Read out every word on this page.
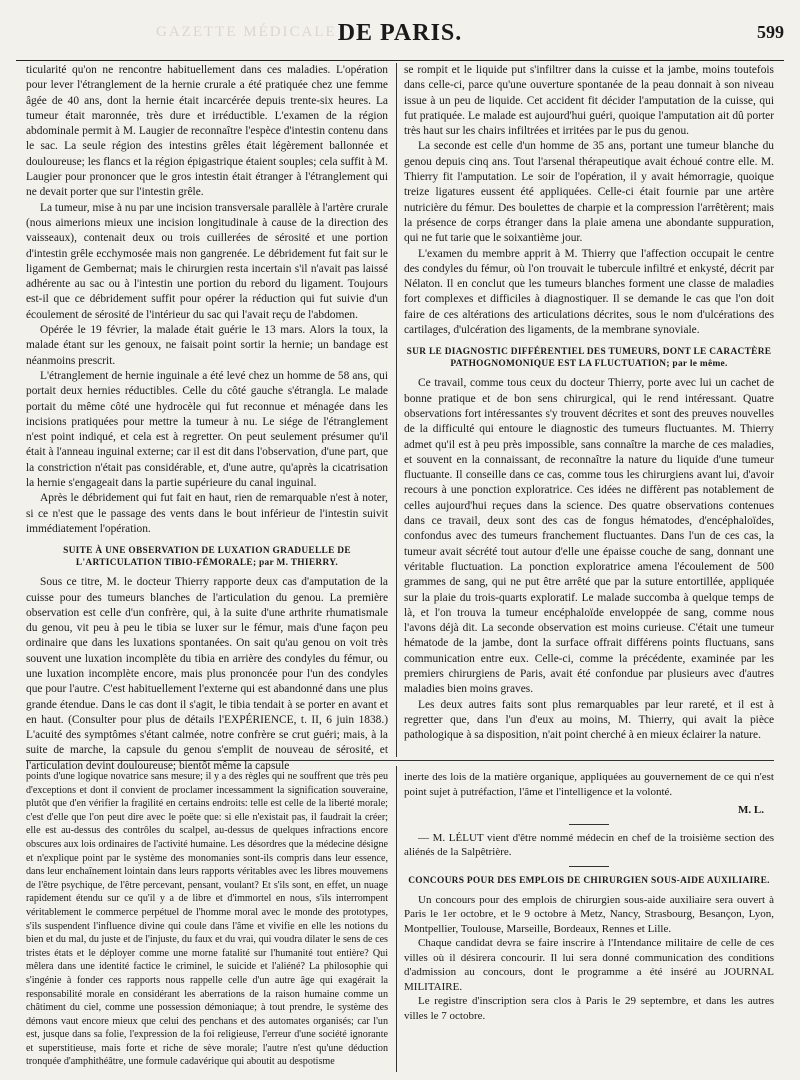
GAZETTE MÉDICALE DE PARIS.	599

ticularité qu'on ne rencontre habituellement dans ces maladies. L'opération pour lever l'étranglement de la hernie crurale a été pratiquée chez une femme âgée de 40 ans, dont la hernie était incarcérée depuis trente-six heures. La tumeur était maronnée, très dure et irréductible. L'examen de la région abdominale permit à M. Laugier de reconnaître l'espèce d'intestin contenu dans le sac. La seule région des intestins grêles était légèrement ballonnée et douloureuse; les flancs et la région épigastrique étaient souples; cela suffit à M. Laugier pour prononcer que le gros intestin était étranger à l'étranglement qui ne devait porter que sur l'intestin grêle.

La tumeur, mise à nu par une incision transversale parallèle à l'artère crurale (nous aimerions mieux une incision longitudinale à cause de la direction des vaisseaux), contenait deux ou trois cuillerées de sérosité et une portion d'intestin grêle ecchymosée mais non gangrenée. Le débridement fut fait sur le ligament de Gembernat; mais le chirurgien resta incertain s'il n'avait pas laissé adhérente au sac ou à l'intestin une portion du rebord du ligament. Toujours est-il que ce débridement suffit pour opérer la réduction qui fut suivie d'un écoulement de sérosité de l'intérieur du sac qui l'avait reçu de l'abdomen.

Opérée le 19 février, la malade était guérie le 13 mars. Alors la toux, la malade étant sur les genoux, ne faisait point sortir la hernie; un bandage est néanmoins prescrit.

L'étranglement de hernie inguinale a été levé chez un homme de 58 ans, qui portait deux hernies réductibles. Celle du côté gauche s'étrangla. Le malade portait du même côté une hydrocèle qui fut reconnue et ménagée dans les incisions pratiquées pour mettre la tumeur à nu. Le siége de l'étranglement n'est point indiqué, et cela est à regretter. On peut seulement présumer qu'il était à l'anneau inguinal externe; car il est dit dans l'observation, d'une part, que la constriction n'était pas considérable, et, d'une autre, qu'après la cicatrisation la hernie s'engageait dans la partie supérieure du canal inguinal.

Après le débridement qui fut fait en haut, rien de remarquable n'est à noter, si ce n'est que le passage des vents dans le bout inférieur de l'intestin suivit immédiatement l'opération.

SUITE À UNE OBSERVATION DE LUXATION GRADUELLE DE L'ARTICULATION TIBIO-FÉMORALE; par M. THIERRY.

Sous ce titre, M. le docteur Thierry rapporte deux cas d'amputation de la cuisse pour des tumeurs blanches de l'articulation du genou. La première observation est celle d'un confrère, qui, à la suite d'une arthrite rhumatismale du genou, vit peu à peu le tibia se luxer sur le fémur, mais d'une façon peu ordinaire que dans les luxations spontanées. On sait qu'au genou on voit très souvent une luxation incomplète du tibia en arrière des condyles du fémur, ou une luxation incomplète encore, mais plus prononcée pour l'un des condyles que pour l'autre. C'est habituellement l'externe qui est abandonné dans une plus grande étendue. Dans le cas dont il s'agit, le tibia tendait à se porter en avant et en haut. (Consulter pour plus de détails l'EXPÉRIENCE, t. II, 6 juin 1838.) L'acuité des symptômes s'étant calmée, notre confrère se crut guéri; mais, à la suite de marche, la capsule du genou s'emplit de nouveau de sérosité, et l'articulation devint douloureuse; bientôt même la capsule

se rompit et le liquide put s'infiltrer dans la cuisse et la jambe, moins toutefois dans celle-ci, parce qu'une ouverture spontanée de la peau donnait à son niveau issue à un peu de liquide. Cet accident fit décider l'amputation de la cuisse, qui fut pratiquée. Le malade est aujourd'hui guéri, quoique l'amputation ait dû porter très haut sur les chairs infiltrées et irritées par le pus du genou.

La seconde est celle d'un homme de 35 ans, portant une tumeur blanche du genou depuis cinq ans. Tout l'arsenal thérapeutique avait échoué contre elle. M. Thierry fit l'amputation. Le soir de l'opération, il y avait hémorragie, quoique treize ligatures eussent été appliquées. Celle-ci était fournie par une artère nutricière du fémur. Des boulettes de charpie et la compression l'arrêtèrent; mais la présence de corps étranger dans la plaie amena une abondante suppuration, qui ne fut tarie que le soixantième jour.

L'examen du membre apprit à M. Thierry que l'affection occupait le centre des condyles du fémur, où l'on trouvait le tubercule infiltré et enkysté, décrit par Nélaton. Il en conclut que les tumeurs blanches forment une classe de maladies fort complexes et difficiles à diagnostiquer. Il se demande le cas que l'on doit faire de ces altérations des articulations décrites, sous le nom d'ulcérations des cartilages, d'ulcération des ligaments, de la membrane synoviale.

SUR LE DIAGNOSTIC DIFFÉRENTIEL DES TUMEURS, DONT LE CARACTÈRE PATHOGNOMONIQUE EST LA FLUCTUATION; par le même.

Ce travail, comme tous ceux du docteur Thierry, porte avec lui un cachet de bonne pratique et de bon sens chirurgical, qui le rend intéressant. Quatre observations fort intéressantes s'y trouvent décrites et sont des preuves nouvelles de la difficulté qui entoure le diagnostic des tumeurs fluctuantes. M. Thierry admet qu'il est à peu près impossible, sans connaître la marche de ces maladies, et souvent en la connaissant, de reconnaître la nature du liquide d'une tumeur fluctuante. Il conseille dans ce cas, comme tous les chirurgiens avant lui, d'avoir recours à une ponction exploratrice. Ces idées ne diffèrent pas notablement de celles aujourd'hui reçues dans la science. Des quatre observations contenues dans ce travail, deux sont des cas de fongus hématodes, d'encéphaloïdes, confondus avec des tumeurs franchement fluctuantes. Dans l'un de ces cas, la tumeur avait sécrété tout autour d'elle une épaisse couche de sang, donnant une véritable fluctuation. La ponction exploratrice amena l'écoulement de 500 grammes de sang, qui ne put être arrêté que par la suture entortillée, appliquée sur la plaie du trois-quarts exploratif. Le malade succomba à quelque temps de là, et l'on trouva la tumeur encéphaloïde enveloppée de sang, comme nous l'avons déjà dit. La seconde observation est moins curieuse. C'était une tumeur hématode de la jambe, dont la surface offrait différens points fluctuans, sans communication entre eux. Celle-ci, comme la précédente, examinée par les premiers chirurgiens de Paris, avait été confondue par plusieurs avec d'autres maladies bien moins graves.

Les deux autres faits sont plus remarquables par leur rareté, et il est à regretter que, dans l'un d'eux au moins, M. Thierry, qui avait la pièce pathologique à sa disposition, n'ait point cherché à en mieux éclairer la nature.

points d'une logique novatrice sans mesure; il y a des règles qui ne souffrent que très peu d'exceptions et dont il convient de proclamer incessamment la signification souveraine, plutôt que d'en vérifier la fragilité en certains endroits: telle est celle de la liberté morale; c'est d'elle que l'on peut dire avec le poëte que: si elle n'existait pas, il faudrait la créer; elle est au-dessus des contrôles du scalpel, au-dessus de quelques infractions encore obscures aux lois ordinaires de l'activité humaine. Les désordres que la médecine désigne et n'explique point par le système des monomanies sont-ils compris dans leur essence, dans leur enchaînement lointain dans leurs rapports véritables avec les libres mouvemens de l'être psychique, de l'être percevant, pensant, voulant? Et s'ils sont, en effet, un nuage rapidement étendu sur ce qu'il y a de libre et d'immortel en nous, s'ils interrompent véritablement le commerce perpétuel de l'homme moral avec le monde des prototypes, s'ils suspendent l'influence divine qui coule dans l'âme et vivifie en elle les notions du bien et du mal, du juste et de l'injuste, du faux et du vrai, qui voudra dilater le sens de ces tristes états et le déployer comme une morne fatalité sur l'humanité tout entière? Qui mêlera dans une identité factice le criminel, le suicide et l'aliéné? La philosophie qui s'ingénie à fonder ces rapports nous rappelle celle d'un autre âge qui exagérait la responsabilité morale en considérant les aberrations de la raison humaine comme un châtiment du ciel, comme une possession démoniaque; à tout prendre, le système des démons vaut encore mieux que celui des penchans et des automates organisés; car l'un est, jusque dans sa folie, l'expression de la foi religieuse, l'erreur d'une société ignorante et superstitieuse, mais forte et riche de sève morale; l'autre n'est qu'une déduction tronquée d'amphithéâtre, une formule cadavérique qui aboutit au despotisme

inerte des lois de la matière organique, appliquées au gouvernement de ce qui n'est point sujet à putréfaction, l'âme et l'intelligence et la volonté.

M. L.

— M. LÉLUT vient d'être nommé médecin en chef de la troisième section des aliénés de la Salpêtrière.

CONCOURS POUR DES EMPLOIS DE CHIRURGIEN SOUS-AIDE AUXILIAIRE.

Un concours pour des emplois de chirurgien sous-aide auxiliaire sera ouvert à Paris le 1er octobre, et le 9 octobre à Metz, Nancy, Strasbourg, Besançon, Lyon, Montpellier, Toulouse, Marseille, Bordeaux, Rennes et Lille.

Chaque candidat devra se faire inscrire à l'Intendance militaire de celle de ces villes où il désirera concourir. Il lui sera donné communication des conditions d'admission au concours, dont le programme a été inséré au JOURNAL MILITAIRE.

Le registre d'inscription sera clos à Paris le 29 septembre, et dans les autres villes le 7 octobre.
